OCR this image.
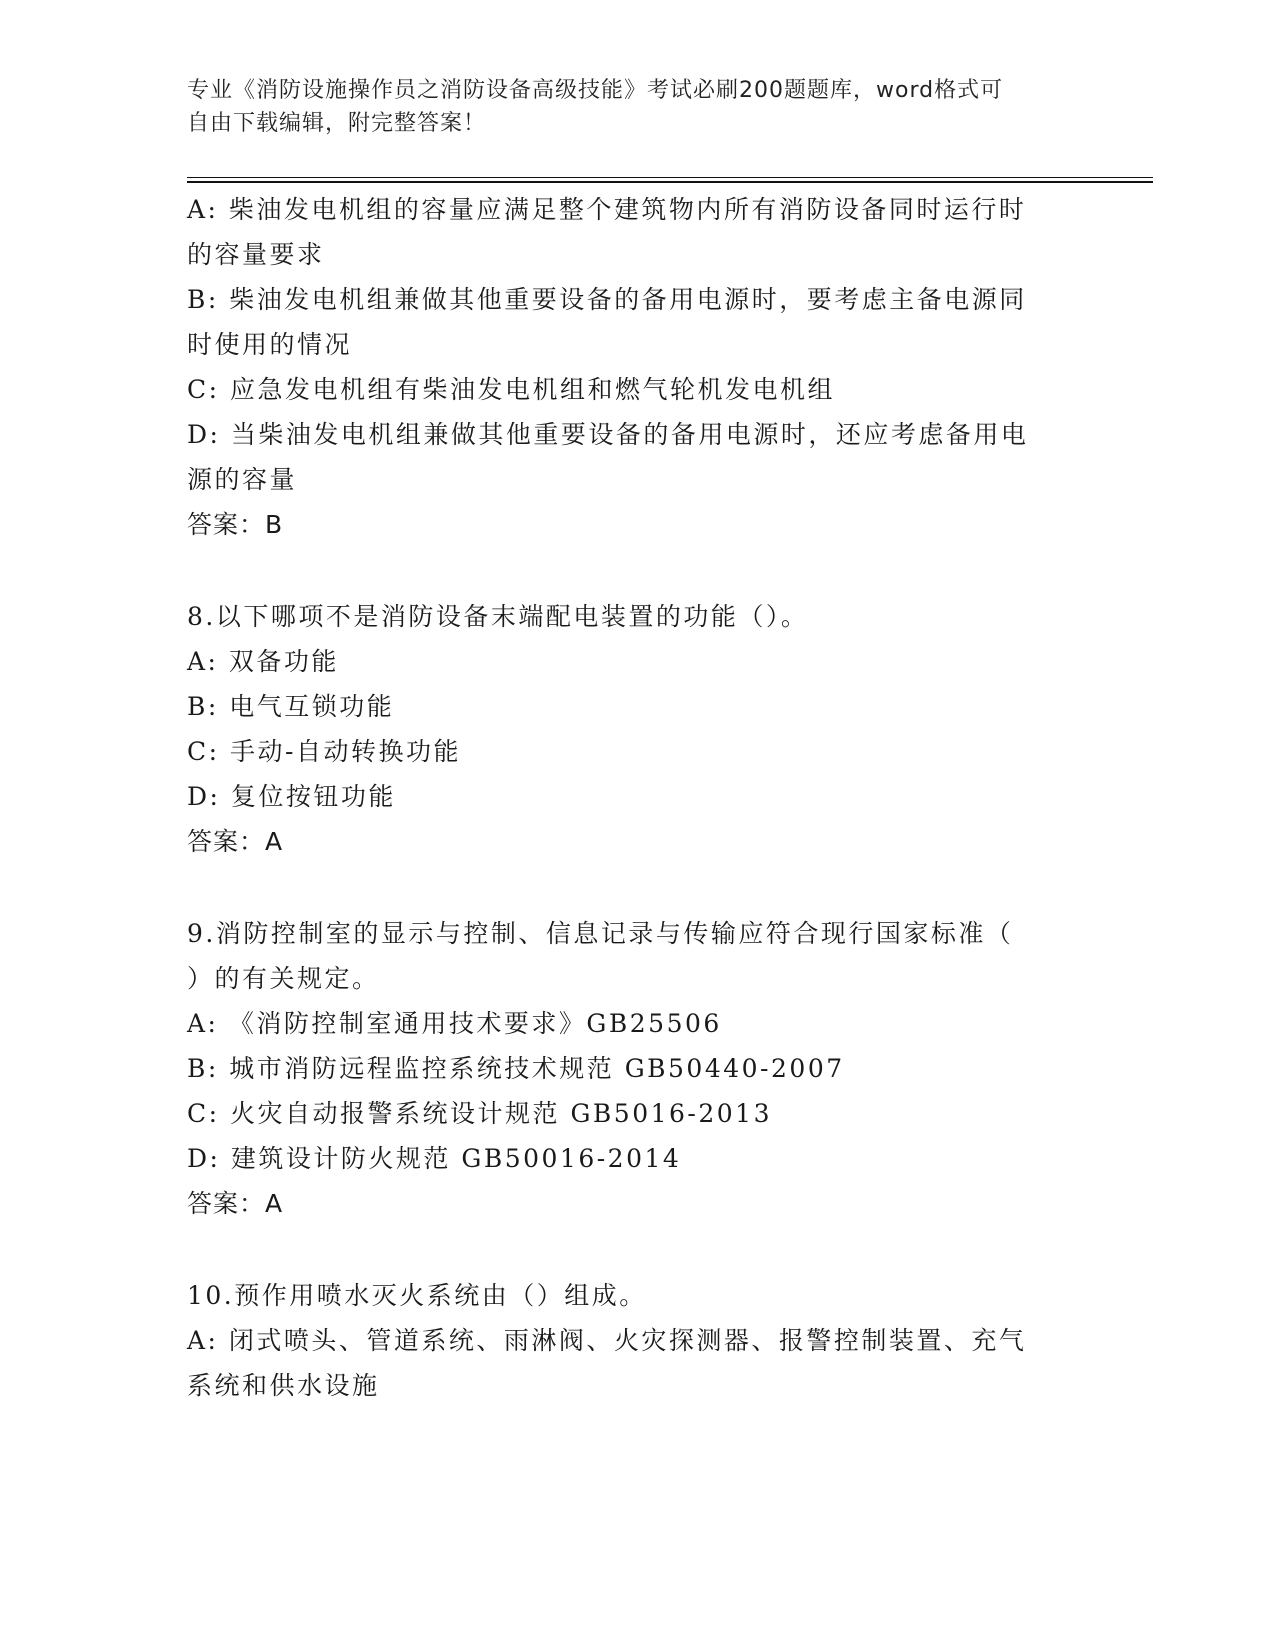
专业《消防设施操作员之消防设备高级技能》考试必刷200题题库，word格式可
自由下载编辑，附完整答案！

A: 柴油发电机组的容量应满足整个建筑物内所有消防设备同时运行时

的容量要求

B: 柴油发电机组兼做其他重要设备的备用电源时，要考虑主备电源同

时使用的情况

C: 应急发电机组有柴油发电机组和燃气轮机发电机组

D: 当柴油发电机组兼做其他重要设备的备用电源时，还应考虑备用电

源的容量

答案：B

8.以下哪项不是消防设备末端配电装置的功能（）。

A: 双备功能

B: 电气互锁功能

C: 手动-自动转换功能

D: 复位按钮功能

答案：A

9.消防控制室的显示与控制、信息记录与传输应符合现行国家标准（

）的有关规定。

A: 《消防控制室通用技术要求》GB25506

B: 城市消防远程监控系统技术规范 GB50440-2007

C: 火灾自动报警系统设计规范 GB5016-2013

D: 建筑设计防火规范 GB50016-2014

答案：A

10.预作用喷水灭火系统由（）组成。

A: 闭式喷头、管道系统、雨淋阀、火灾探测器、报警控制装置、充气

系统和供水设施
